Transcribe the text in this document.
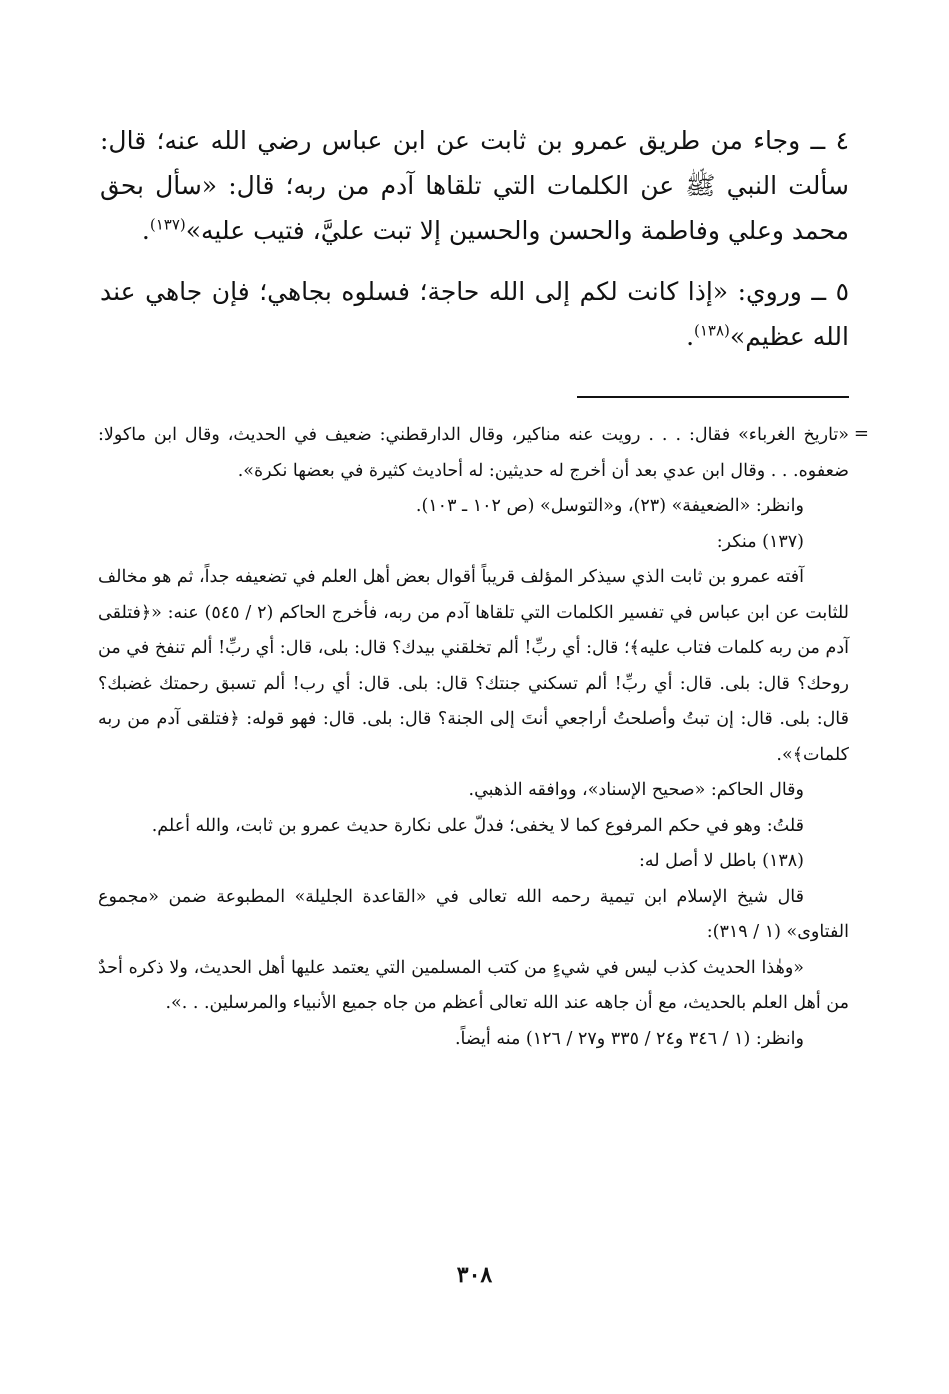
٤ ــ وجاء من طريق عمرو بن ثابت عن ابن عباس رضي الله عنه؛ قال: سألت النبي ﷺ عن الكلمات التي تلقاها آدم من ربه؛ قال: «سأل بحق محمد وعلي وفاطمة والحسن والحسين إلا تبت عليَّ، فتيب عليه»$^{(١٣٧)}$.

٥ ــ وروي: «إذا كانت لكم إلى الله حاجة؛ فسلوه بجاهي؛ فإن جاهي عند الله عظيم»$^{(١٣٨)}$.

=

«تاريخ الغرباء» فقال: . . . رويت عنه مناكير، وقال الدارقطني: ضعيف في الحديث، وقال ابن ماكولا: ضعفوه. . . وقال ابن عدي بعد أن أخرج له حديثين: له أحاديث كثيرة في بعضها نكرة».

وانظر: «الضعيفة» (٢٣)، و«التوسل» (ص ١٠٢ ـ ١٠٣).

(١٣٧) منكر:

آفته عمرو بن ثابت الذي سيذكر المؤلف قريباً أقوال بعض أهل العلم في تضعيفه جداً، ثم هو مخالف للثابت عن ابن عباس في تفسير الكلمات التي تلقاها آدم من ربه، فأخرج الحاكم (٢ / ٥٤٥) عنه: «﴿فتلقى آدم من ربه كلمات فتاب عليه﴾؛ قال: أي ربِّ! ألم تخلقني بيدك؟ قال: بلى، قال: أي ربِّ! ألم تنفخ في من روحك؟ قال: بلى. قال: أي ربِّ! ألم تسكني جنتك؟ قال: بلى. قال: أي رب! ألم تسبق رحمتك غضبك؟ قال: بلى. قال: إن تبتُ وأصلحتُ أراجعي أنتَ إلى الجنة؟ قال: بلى. قال: فهو قوله: ﴿فتلقى آدم من ربه كلمات﴾».

وقال الحاكم: «صحيح الإسناد»، ووافقه الذهبي.

قلتُ: وهو في حكم المرفوع كما لا يخفى؛ فدلّ على نكارة حديث عمرو بن ثابت، والله أعلم.

(١٣٨) باطل لا أصل له:

قال شيخ الإسلام ابن تيمية رحمه الله تعالى في «القاعدة الجليلة» المطبوعة ضمن «مجموع الفتاوى» (١ / ٣١٩):

«وهٰذا الحديث كذب ليس في شيءٍ من كتب المسلمين التي يعتمد عليها أهل الحديث، ولا ذكره أحدٌ من أهل العلم بالحديث، مع أن جاهه عند الله تعالى أعظم من جاه جميع الأنبياء والمرسلين. . .».

وانظر: (١ / ٣٤٦ و٢٤ / ٣٣٥ و٢٧ / ١٢٦) منه أيضاً.

٣٠٨
